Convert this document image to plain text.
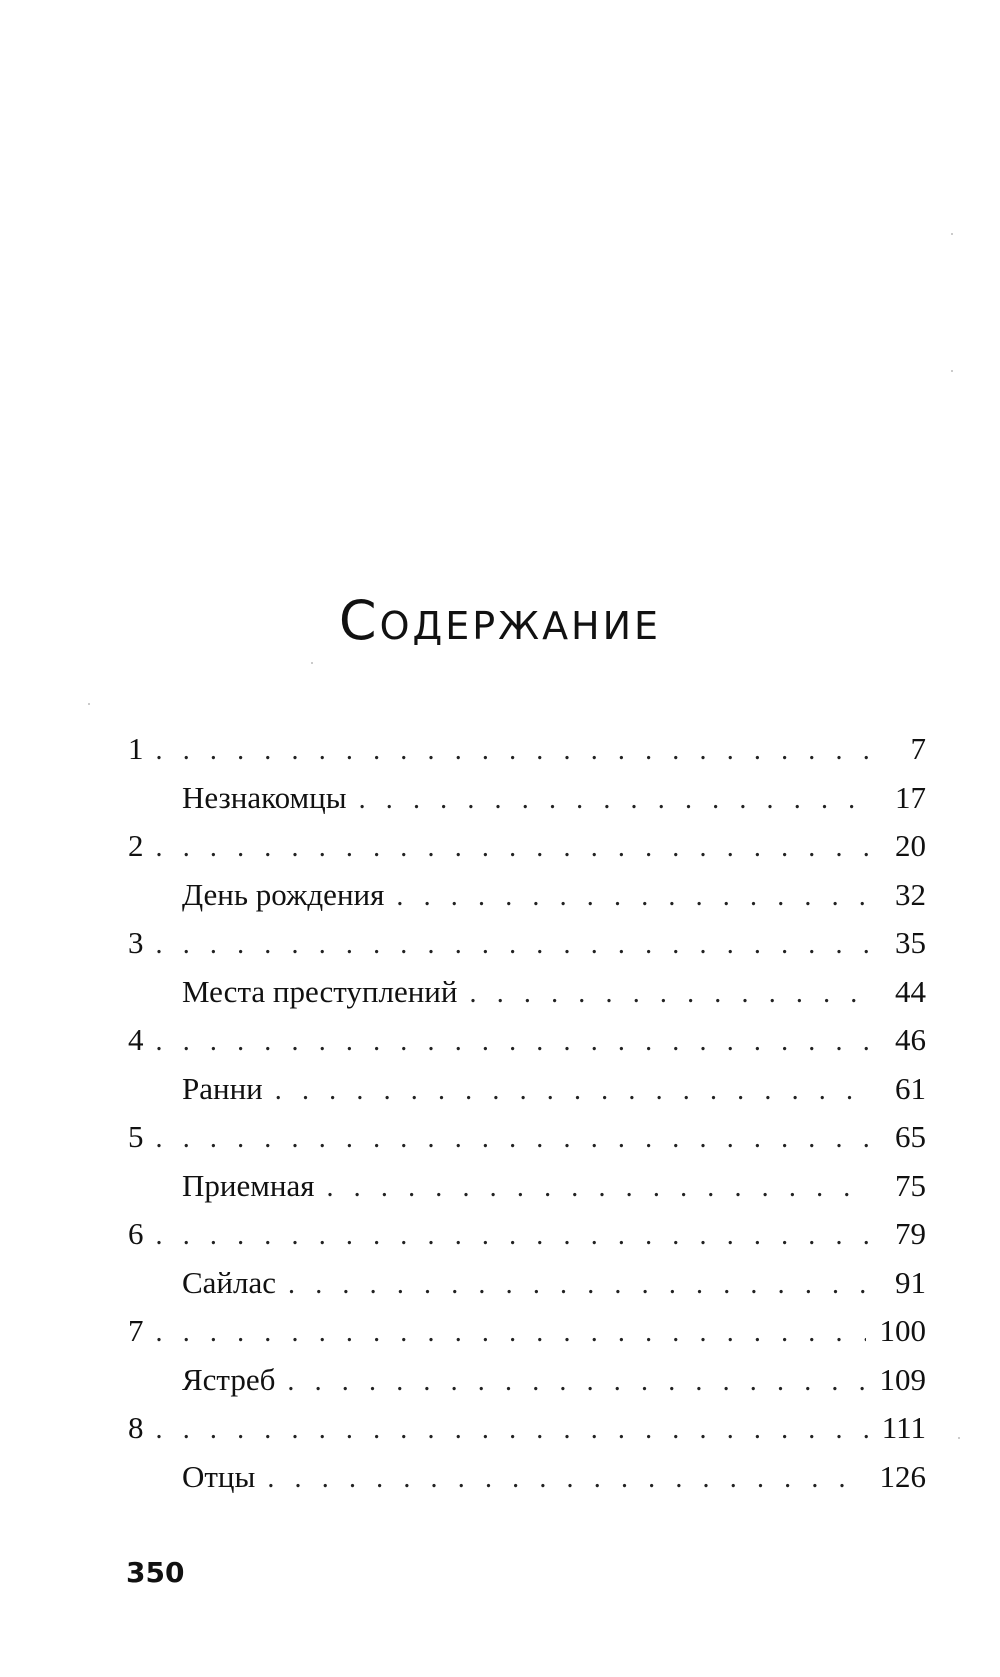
Содержание
1 . . .	7
Незнакомцы . . .	17
2 . . .	20
День рождения . . .	32
3 . . .	35
Места преступлений . . .	44
4 . . .	46
Ранни . . .	61
5 . . .	65
Приемная . . .	75
6 . . .	79
Сайлас . . .	91
7 . . .	100
Ястреб . . .	109
8 . . .	111
Отцы . . .	126
350
